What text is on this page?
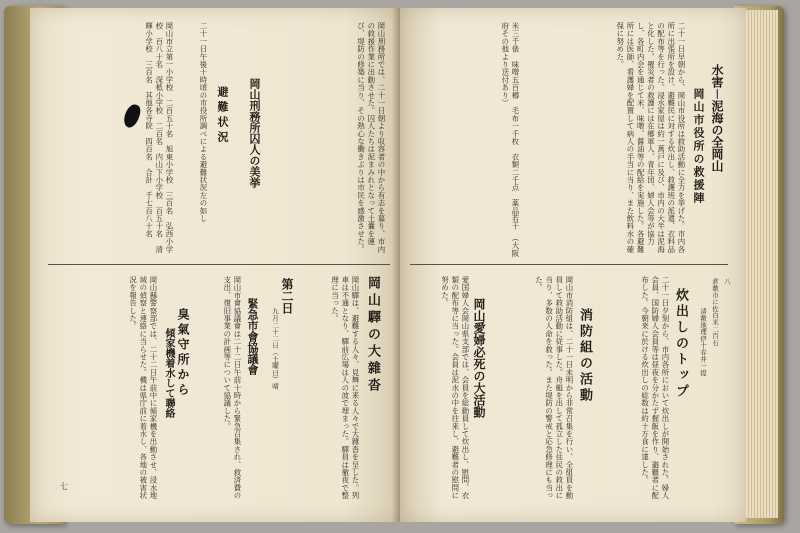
岡山刑務所では、二十一日朝より収容者の中から有志を募り、市内の救援作業に出動させた。囚人たちは泥まみれとなって土嚢を運び、堤防の修築に当り、その熱心な働きぶりは市民を感激させた。
岡山刑務所囚人の美挙
避難状況
二十一日午後十時頃の市役所調べによる避難状況左の如し
岡山市立第一小学校　二百五十名　旭東小学校　三百名　弘西小学校　百八十名　深柢小学校　二百名　内山下小学校　百五十名　清輝小学校　三百名　其他各寺院　四百名　合計　千七百八十名
岡山驛の大雜沓
岡山驛は、避難する人々、見舞に来る人々で大雜沓を呈した。列車は不通となり、驛前広場は人の波で埋まった。驛員は徹夜で整理に当った。
第二日
九月二十二日（土曜日）晴
緊急市會協議會
岡山市會協議會は二十二日午前十時から緊急召集され、救済費の支出、復旧事業の計画等について協議した。
臭氣守所から
傾家機着水して聯絡
岡山縣警察部では、二十二日午前中に傾家機を出動させ、浸水地域の偵察と連絡に当らせた。機は県庁前に着水し、各地の被害状況を報告した。
七
水害－泥海の全岡山
岡山市役所の救援陣
二十一日早朝から、岡山市役所は救助活動に全力を挙げた。市内各所に出張所を設け、避難民に対する炊出し、救護班の派遣、衣料品の配布等を行った。浸水家屋は約一萬戸に及び、市内の大半は泥海と化した。罹災者の救護には在郷軍人、青年団、婦人会等が協力し、各町内会を通じて米、味噌、醤油等の配給を実施した。各避難所には医師、看護婦を配置して病人の手当に当り、また飲料水の確保に努めた。
米三千俵　味噌五百樽　毛布一千枚　衣類二千点　薬品若干　（大阪府その他より送付あり）
八
倉敷市に佐白米二百石
清敷地理伊十春井一提
炊出しのトップ
二十一日夕刻から、市内各所において炊出しが開始された。婦人会員、国防婦人会員等は昼夜を分かたず握飯を作り、避難者に配布した。今朝来に於ける炊出しの総数は約十万食に達した。
消防組の活動
岡山市消防組は、二十一日未明から非常召集を行い、全組員を動員して救助活動に従事した。舟艇を出して孤立した住民の救出に当り、多数の人命を救った。また堤防の警戒と応急修理にも当った。
岡山愛婦必死の大活動
愛国婦人会岡山県支部では、会員を総動員して炊出し、慰問、衣類の配布等に当った。会員は泥水の中を往来し、避難者の慰問に努めた。
